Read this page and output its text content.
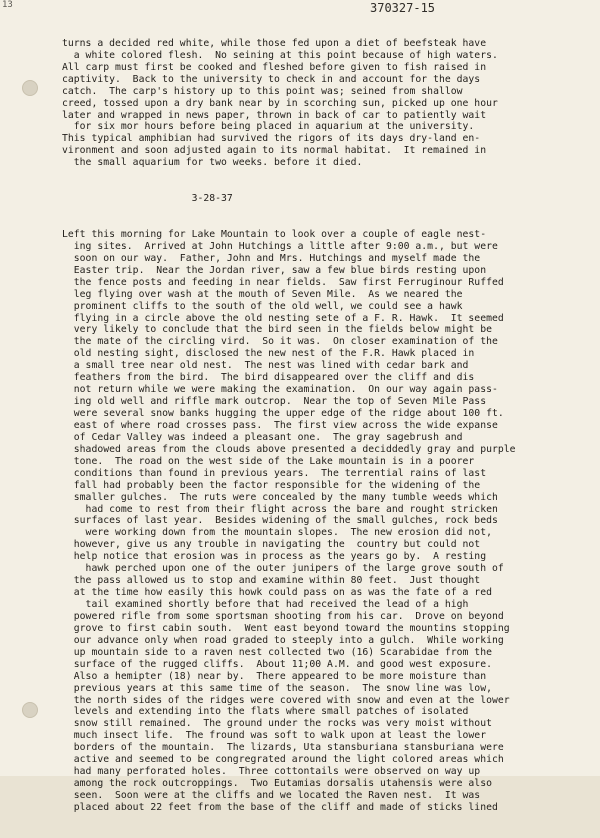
13	370327-15

turns a decided red white, while those fed upon a diet of beefsteak have
a white colored flesh.  No seining at this point because of high waters.
All carp must first be cooked and fleshed before given to fish raised in
captivity.  Back to the university to check in and account for the days
catch.  The carp's history up to this point was; seined from shallow
creed, tossed upon a dry bank near by in scorching sun, picked up one hour
later and wrapped in news paper, thrown in back of car to patiently wait
for six mor hours before being placed in aquarium at the university.
This typical amphibian had survived the rigors of its days dry-land en-
vironment and soon adjusted again to its normal habitat.  It remained in
the small aquarium for two weeks. before it died.

3-28-37

Left this morning for Lake Mountain to look over a couple of eagle nest-
ing sites.  Arrived at John Hutchings a little after 9:00 a.m., but were
soon on our way.  Father, John and Mrs. Hutchings and myself made the
Easter trip.  Near the Jordan river, saw a few blue birds resting upon
the fence posts and feeding in near fields.  Saw first Ferruginour Ruffed
leg flying over wash at the mouth of Seven Mile.  As we neared the
prominent cliffs to the south of the old well, we could see a hawk
flying in a circle above the old nesting sete of a F. R. Hawk.  It seemed
very likely to conclude that the bird seen in the fields below might be
the mate of the circling vird.  So it was.  On closer examination of the
old nesting sight, disclosed the new nest of the F.R. Hawk placed in
a small tree near old nest.  The nest was lined with cedar bark and
feathers from the bird.  The bird disappeared over the cliff and dis
not return while we were making the examination.  On our way again pass-
ing old well and riffle mark outcrop.  Near the top of Seven Mile Pass
were several snow banks hugging the upper edge of the ridge about 100 ft.
east of where road crosses pass.  The first view across the wide expanse
of Cedar Valley was indeed a pleasant one.  The gray sagebrush and
shadowed areas from the clouds above presented a deciddedly gray and purple
tone.  The road on the west side of the Lake mountain is in a poorer
conditions than found in previous years.  The terrential rains of last
fall had probably been the factor responsible for the widening of the
smaller gulches.  The ruts were concealed by the many tumble weeds which
had come to rest from their flight across the bare and rought stricken
surfaces of last year.  Besides widening of the small gulches, rock beds
were working down from the mountain slopes.  The new erosion did not,
however, give us any trouble in navigating the  country but could not
help notice that erosion was in process as the years go by.  A resting
hawk perched upon one of the outer junipers of the large grove south of
the pass allowed us to stop and examine within 80 feet.  Just thought
at the time how easily this howk could pass on as was the fate of a red
tail examined shortly before that had received the lead of a high
powered rifle from some sportsman shooting from his car.  Drove on beyond
grove to first cabin south.  Went east beyond toward the mountins stopping
our advance only when road graded to steeply into a gulch.  While working
up mountain side to a raven nest collected two (16) Scarabidae from the
surface of the rugged cliffs.  About 11;00 A.M. and good west exposure.
Also a hemipter (18) near by.  There appeared to be more moisture than
previous years at this same time of the season.  The snow line was low,
the north sides of the ridges were covered with snow and even at the lower
levels and extending into the flats where small patches of isolated
snow still remained.  The ground under the rocks was very moist without
much insect life.  The fround was soft to walk upon at least the lower
borders of the mountain.  The lizards, Uta stansburiana stansburiana were
active and seemed to be congregrated around the light colored areas which
had many perforated holes.  Three cottontails were observed on way up
among the rock outcroppings.  Two Eutamias dorsalis utahensis were also
seen.  Soon were at the cliffs and we located the Raven nest.  It was
placed about 22 feet from the base of the cliff and made of sticks lined
